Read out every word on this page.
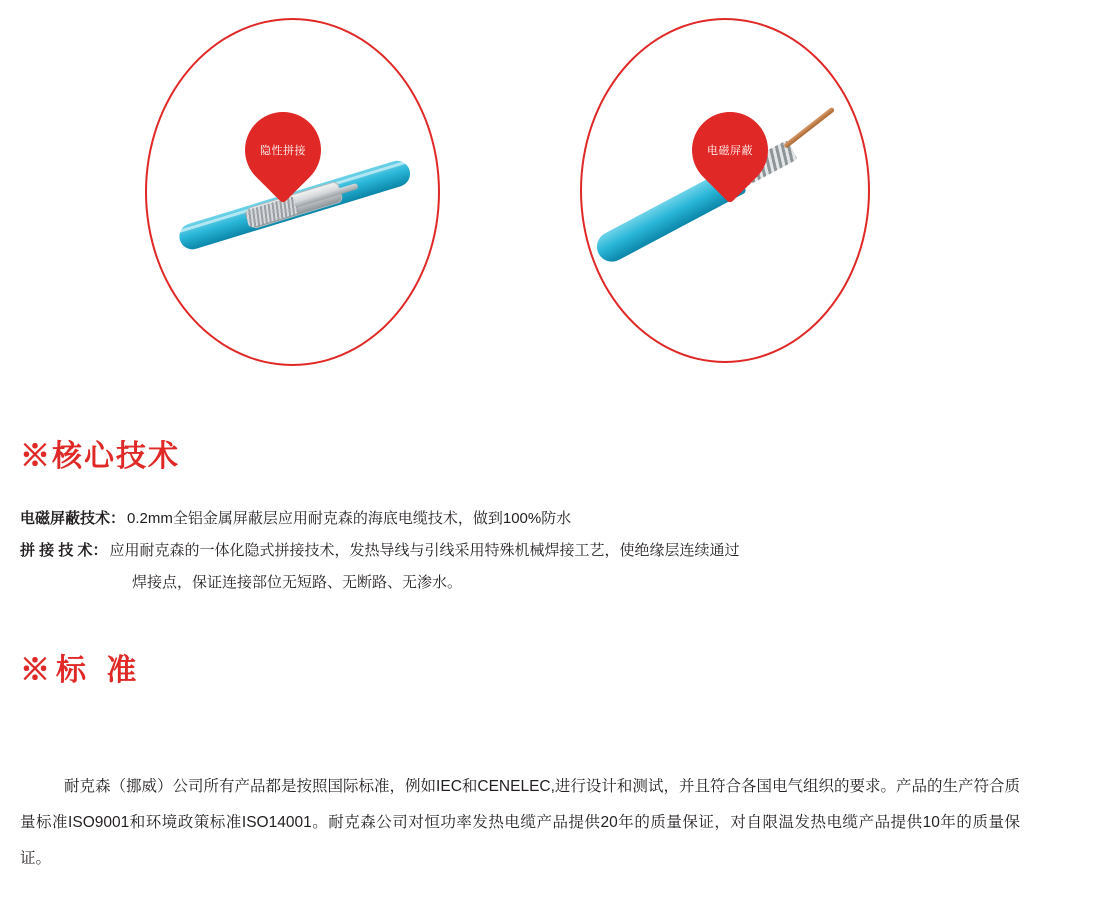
隐性拼接	电磁屏蔽
※核心技术
电磁屏蔽技术： 0.2mm全铝金属屏蔽层应用耐克森的海底电缆技术，做到100%防水
拼 接 技 术： 应用耐克森的一体化隐式拼接技术，发热导线与引线采用特殊机械焊接工艺，使绝缘层连续通过
焊接点，保证连接部位无短路、无断路、无渗水。
※标 准

耐克森（挪威）公司所有产品都是按照国际标准，例如IEC和CENELEC,进行设计和测试，并且符合各国电气组织的要求。产品的生产符合质量标准ISO9001和环境政策标准ISO14001。耐克森公司对恒功率发热电缆产品提供20年的质量保证，对自限温发热电缆产品提供10年的质量保证。
